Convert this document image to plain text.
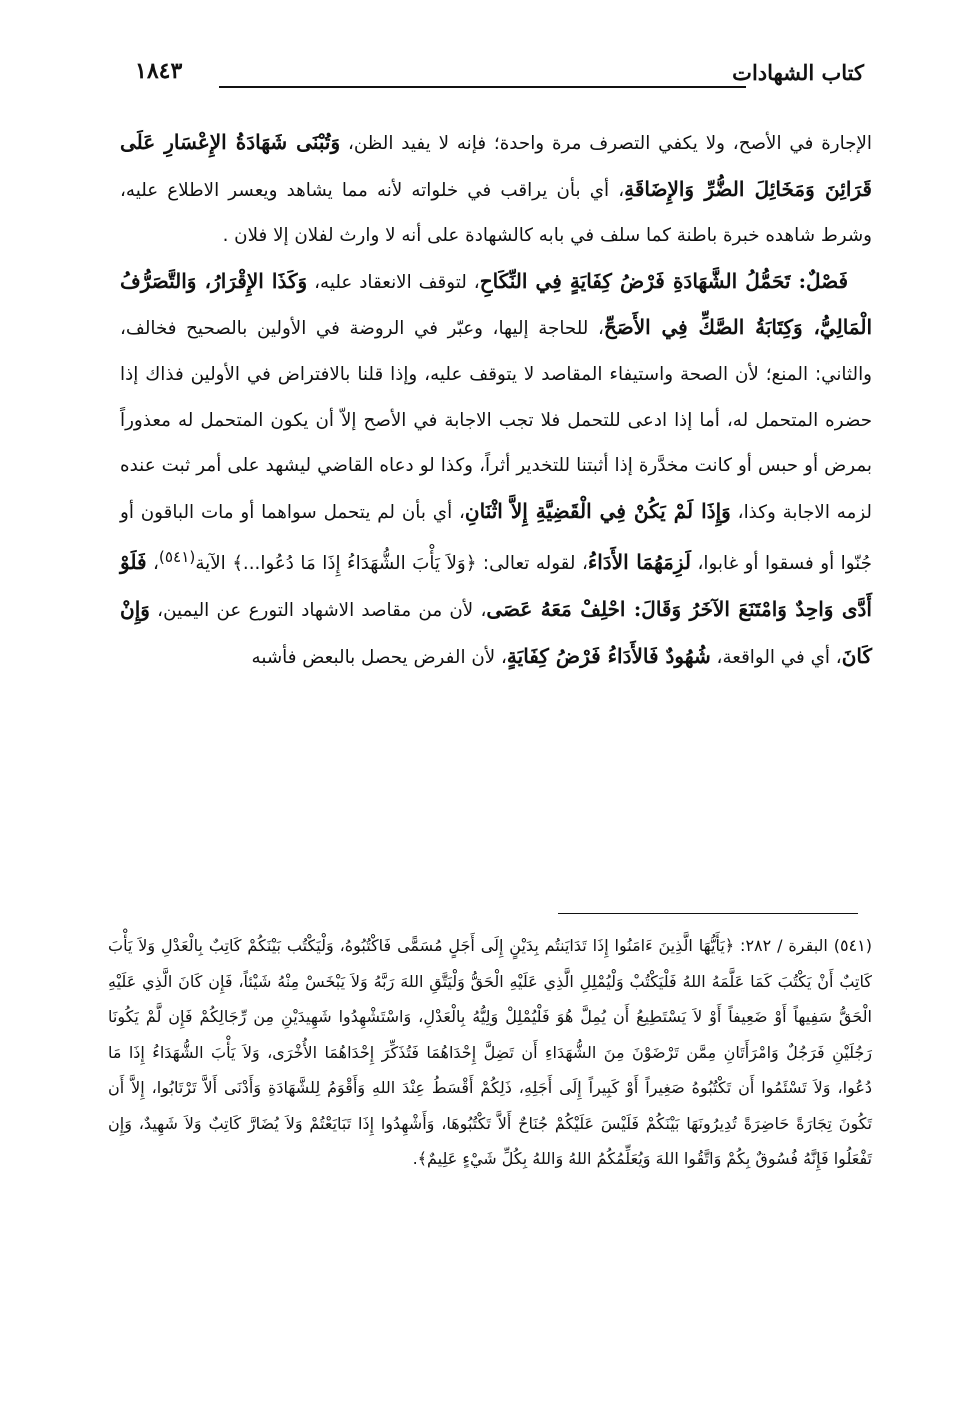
كتاب الشهادات
١٨٤٣

الإجارة في الأصح، ولا يكفي التصرف مرة واحدة؛ فإنه لا يفيد الظن، وَتُبْنَى شَهَادَةُ الإِعْسَارِ عَلَى قَرَائِنَ وَمَخَائِلَ الضُّرِّ وَالإِضَاقَةِ، أي بأن يراقب في خلواته لأنه مما يشاهد ويعسر الاطلاع عليه، وشرط شاهده خبرة باطنة كما سلف في بابه كالشهادة على أنه لا وارث لفلان إلا فلان .

فَصْلٌ: تَحَمُّلُ الشَّهَادَةِ فَرْضُ كِفَايَةٍ فِي النِّكَاحِ، لتوقف الانعقاد عليه، وَكَذَا الإِقْرَارُ، وَالتَّصَرُّفُ الْمَالِيُّ، وَكِتَابَةُ الصَّكِّ فِي الأَصَحِّ، للحاجة إليها، وعبّر في الروضة في الأولين بالصحيح فخالف، والثاني: المنع؛ لأن الصحة واستيفاء المقاصد لا يتوقف عليه، وإذا قلنا بالافتراض في الأولين فذاك إذا حضره المتحمل له، أما إذا ادعى للتحمل فلا تجب الاجابة في الأصح إلاّ أن يكون المتحمل له معذوراً بمرض أو حبس أو كانت مخدَّرة إذا أثبتنا للتخدير أثراً، وكذا لو دعاه القاضي ليشهد على أمر ثبت عنده لزمه الاجابة وكذا، وَإِذَا لَمْ يَكُنْ فِي الْقَضِيَّةِ إِلاَّ اثْنَانِ، أي بأن لم يتحمل سواهما أو مات الباقون أو جُنّوا أو فسقوا أو غابوا، لَزِمَهُمَا الأَدَاءُ، لقوله تعالى: ﴿وَلاَ يَأْبَ الشُّهَدَاءُ إِذَا مَا دُعُوا...﴾ الآية$^{(٥٤١)}$، فَلَوْ أَدَّى وَاحِدٌ وَامْتَنَعَ الآخَرُ وَقَالَ: احْلِفْ مَعَهُ عَصَى، لأن من مقاصد الاشهاد التورع عن اليمين، وَإِنْ كَانَ، أي في الواقعة، شُهُودٌ فَالأَدَاءُ فَرْضُ كِفَايَةٍ، لأن الفرض يحصل بالبعض فأشبه

(٥٤١) البقرة / ٢٨٢: ﴿يَأَيُّهَا الَّذِينَ ءَامَنُوا إِذَا تَدَايَنتُم بِدَيْنٍ إِلَى أَجَلٍ مُسَمًّى فَاكْتُبُوهُ، وَلْيَكْتُب بَيْنَكُمْ كَاتِبٌ بِالْعَدْلِ وَلاَ يَأْبَ كَاتِبٌ أَنْ يَكْتُبَ كَمَا عَلَّمَهُ اللهُ فَلْيَكْتُبْ وَلْيُمْلِلِ الَّذِي عَلَيْهِ الْحَقُّ وَلْيَتَّقِ اللهَ رَبَّهُ وَلاَ يَبْخَسْ مِنْهُ شَيْئاً، فَإِن كَانَ الَّذِي عَلَيْهِ الْحَقُّ سَفِيهاً أَوْ ضَعِيفاً أَوْ لاَ يَسْتَطِيعُ أَن يُمِلَّ هُوَ فَلْيُمْلِلْ وَلِيُّهُ بِالْعَدْلِ، وَاسْتَشْهِدُوا شَهِيدَيْنِ مِن رِّجَالِكُمْ فَإِن لَّمْ يَكُونَا رَجُلَيْنِ فَرَجُلٌ وَامْرَأَتَانِ مِمَّن تَرْضَوْنَ مِنَ الشُّهَدَاءِ أَن تَضِلَّ إِحْدَاهُمَا فَتُذَكِّرَ إِحْدَاهُمَا الأُخْرَى، وَلاَ يَأْبَ الشُّهَدَاءُ إِذَا مَا دُعُوا، وَلاَ تَسْئَمُوا أَن تَكْتُبُوهُ صَغِيراً أَوْ كَبِيراً إِلَى أَجَلِهِ، ذَلِكُمْ أَقْسَطُ عِنْدَ اللهِ وَأَقْوَمُ لِلشَّهَادَةِ وَأَدْنَى أَلاَّ تَرْتَابُوا، إِلاَّ أَن تَكُونَ تِجَارَةً حَاضِرَةً تُدِيرُونَهَا بَيْنَكُمْ فَلَيْسَ عَلَيْكُمْ جُنَاحٌ أَلاَّ تَكْتُبُوهَا، وَأَشْهِدُوا إِذَا تَبَايَعْتُمْ وَلاَ يُضَارَّ كَاتِبٌ وَلاَ شَهِيدٌ، وَإِن تَفْعَلُوا فَإِنَّهُ فُسُوقٌ بِكُمْ وَاتَّقُوا اللهَ وَيُعَلِّمُكُمُ اللهُ وَاللهُ بِكُلِّ شَيْءٍ عَلِيمٌ﴾.
